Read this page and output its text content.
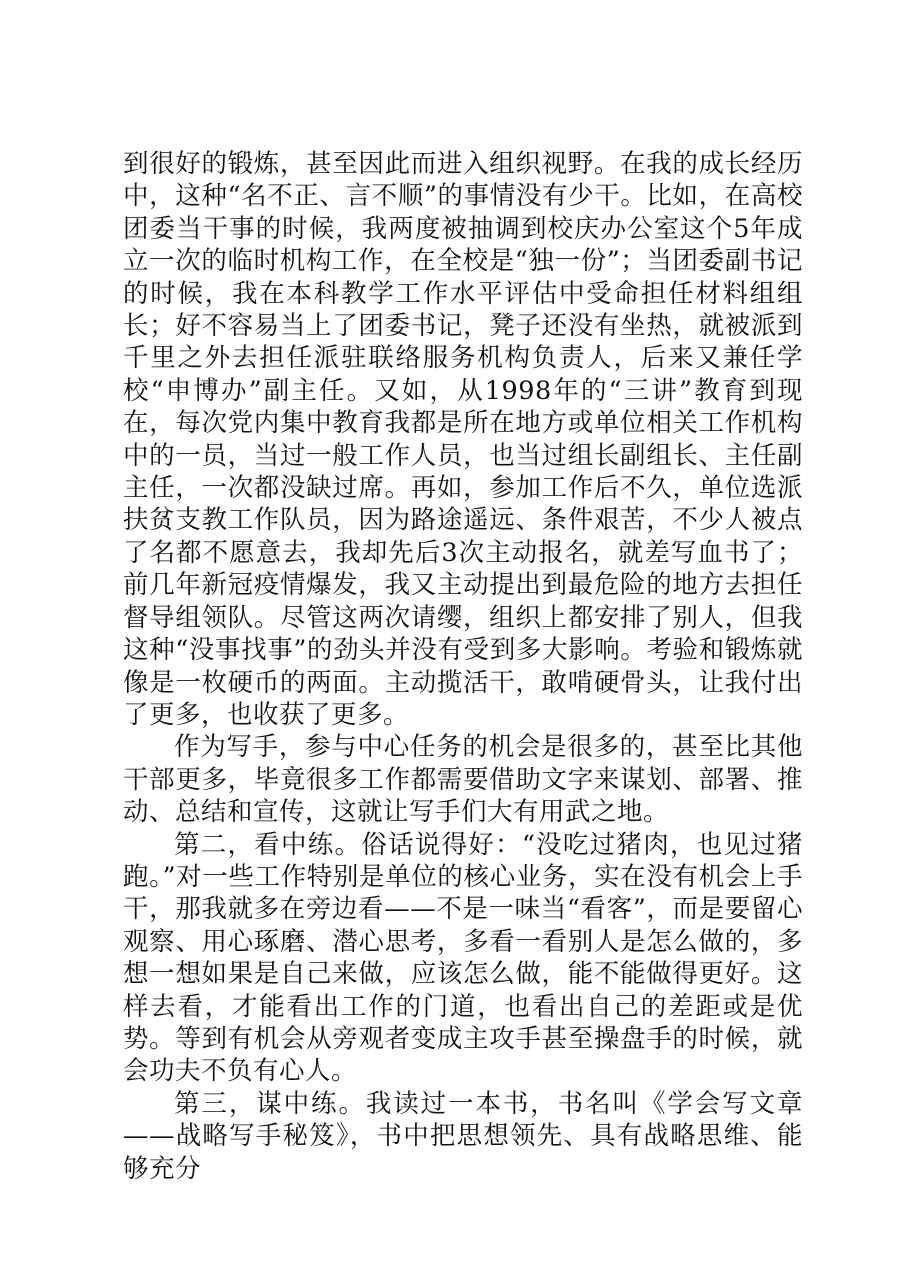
到很好的锻炼，甚至因此而进入组织视野。在我的成长经历中，这种“名不正、言不顺”的事情没有少干。比如，在高校团委当干事的时候，我两度被抽调到校庆办公室这个5年成立一次的临时机构工作，在全校是“独一份”；当团委副书记的时候，我在本科教学工作水平评估中受命担任材料组组长；好不容易当上了团委书记，凳子还没有坐热，就被派到千里之外去担任派驻联络服务机构负责人，后来又兼任学校“申博办”副主任。又如，从1998年的“三讲”教育到现在，每次党内集中教育我都是所在地方或单位相关工作机构中的一员，当过一般工作人员，也当过组长副组长、主任副主任，一次都没缺过席。再如，参加工作后不久，单位选派扶贫支教工作队员，因为路途遥远、条件艰苦，不少人被点了名都不愿意去，我却先后3次主动报名，就差写血书了；前几年新冠疫情爆发，我又主动提出到最危险的地方去担任督导组领队。尽管这两次请缨，组织上都安排了别人，但我这种“没事找事”的劲头并没有受到多大影响。考验和锻炼就像是一枚硬币的两面。主动揽活干，敢啃硬骨头，让我付出了更多，也收获了更多。

作为写手，参与中心任务的机会是很多的，甚至比其他干部更多，毕竟很多工作都需要借助文字来谋划、部署、推动、总结和宣传，这就让写手们大有用武之地。

第二，看中练。俗话说得好：“没吃过猪肉，也见过猪跑。”对一些工作特别是单位的核心业务，实在没有机会上手干，那我就多在旁边看——不是一味当“看客”，而是要留心观察、用心琢磨、潜心思考，多看一看别人是怎么做的，多想一想如果是自己来做，应该怎么做，能不能做得更好。这样去看，才能看出工作的门道，也看出自己的差距或是优势。等到有机会从旁观者变成主攻手甚至操盘手的时候，就会功夫不负有心人。

第三，谋中练。我读过一本书，书名叫《学会写文章——战略写手秘笈》，书中把思想领先、具有战略思维、能够充分
